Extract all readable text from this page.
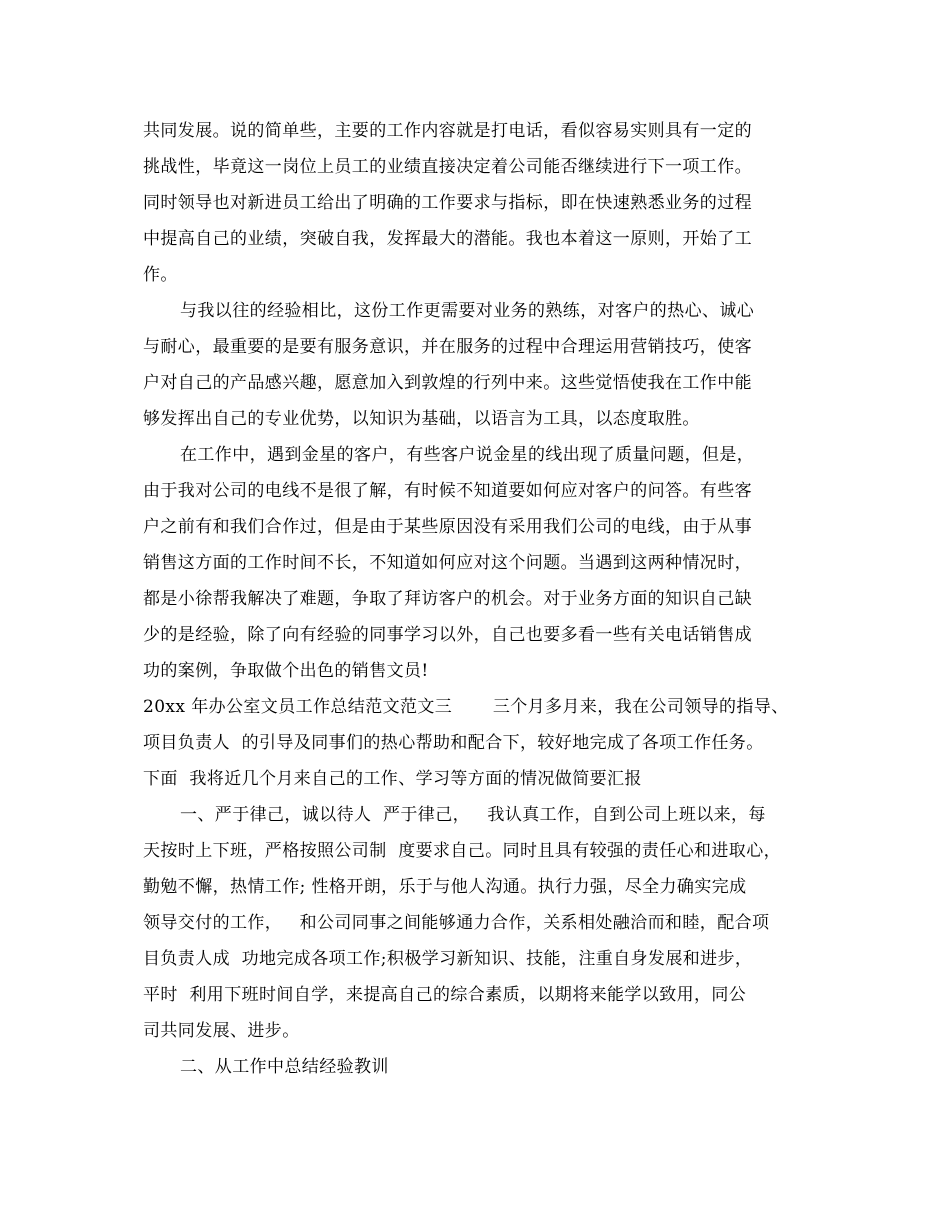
共同发展。说的简单些，主要的工作内容就是打电话，看似容易实则具有一定的
挑战性，毕竟这一岗位上员工的业绩直接决定着公司能否继续进行下一项工作。
同时领导也对新进员工给出了明确的工作要求与指标，即在快速熟悉业务的过程
中提高自己的业绩，突破自我，发挥最大的潜能。我也本着这一原则，开始了工
作。
与我以往的经验相比，这份工作更需要对业务的熟练，对客户的热心、诚心
与耐心，最重要的是要有服务意识，并在服务的过程中合理运用营销技巧，使客
户对自己的产品感兴趣，愿意加入到敦煌的行列中来。这些觉悟使我在工作中能
够发挥出自己的专业优势，以知识为基础，以语言为工具，以态度取胜。
在工作中，遇到金星的客户，有些客户说金星的线出现了质量问题，但是，
由于我对公司的电线不是很了解，有时候不知道要如何应对客户的问答。有些客
户之前有和我们合作过，但是由于某些原因没有采用我们公司的电线，由于从事
销售这方面的工作时间不长，不知道如何应对这个问题。当遇到这两种情况时，
都是小徐帮我解决了难题，争取了拜访客户的机会。对于业务方面的知识自己缺
少的是经验，除了向有经验的同事学习以外，自己也要多看一些有关电话销售成
功的案例，争取做个出色的销售文员!
20xx 年办公室文员工作总结范文范文三       三个月多月来，我在公司领导的指导、
项目负责人  的引导及同事们的热心帮助和配合下，较好地完成了各项工作任务。
下面  我将近几个月来自己的工作、学习等方面的情况做简要汇报
一、严于律己，诚以待人  严于律己，   我认真工作，自到公司上班以来，每
天按时上下班，严格按照公司制  度要求自己。同时且具有较强的责任心和进取心，
勤勉不懈，热情工作; 性格开朗，乐于与他人沟通。执行力强，尽全力确实完成
领导交付的工作，   和公司同事之间能够通力合作，关系相处融洽而和睦，配合项
目负责人成  功地完成各项工作;积极学习新知识、技能，注重自身发展和进步，
平时  利用下班时间自学，来提高自己的综合素质，以期将来能学以致用，同公
司共同发展、进步。
二、从工作中总结经验教训
